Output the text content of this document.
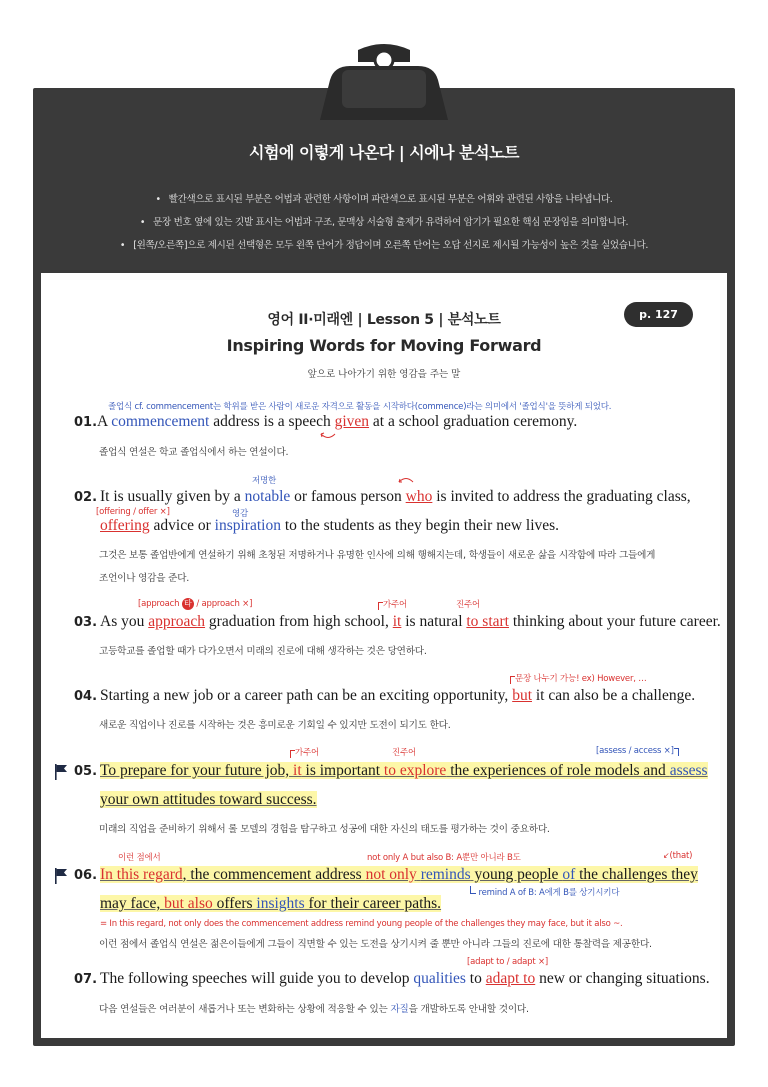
시험에 이렇게 나온다 | 시에나 분석노트
• 빨간색으로 표시된 부분은 어법과 관련한 사항이며 파란색으로 표시된 부분은 어휘와 관련된 사항을 나타냅니다.
• 문장 번호 옆에 있는 깃발 표시는 어법과 구조, 문맥상 서술형 출제가 유력하여 암기가 필요한 핵심 문장임을 의미합니다.
• [왼쪽/오른쪽]으로 제시된 선택형은 모두 왼쪽 단어가 정답이며 오른쪽 단어는 오답 선지로 제시될 가능성이 높은 것을 실었습니다.
p. 127
영어 II·미래엔 | Lesson 5 | 분석노트
Inspiring Words for Moving Forward
앞으로 나아가기 위한 영감을 주는 말
졸업식 cf. commencement는 학위를 받은 사람이 새로운 자격으로 활동을 시작하다(commence)라는 의미에서 '졸업식'을 뜻하게 되었다.
01. A commencement address is a speech given at a school graduation ceremony.
졸업식 연설은 학교 졸업식에서 하는 연설이다.
저명한
02. It is usually given by a notable or famous person who is invited to address the graduating class,
[offering / offer ×]	영감
offering advice or inspiration to the students as they begin their new lives.
그것은 보통 졸업반에게 연설하기 위해 초청된 저명하거나 유명한 인사에 의해 행해지는데, 학생들이 새로운 삶을 시작함에 따라 그들에게
조언이나 영감을 준다.
[approach 타 / approach ×]	가주어	진주어
03. As you approach graduation from high school, it is natural to start thinking about your future career.
고등학교를 졸업할 때가 다가오면서 미래의 진로에 대해 생각하는 것은 당연하다.
문장 나누기 가능! ex) However, …
04. Starting a new job or a career path can be an exciting opportunity, but it can also be a challenge.
새로운 직업이나 진로를 시작하는 것은 흥미로운 기회일 수 있지만 도전이 되기도 한다.
가주어	진주어	[assess / access ×]
05. To prepare for your future job, it is important to explore the experiences of role models and assess
your own attitudes toward success.
미래의 직업을 준비하기 위해서 롤 모델의 경험을 탐구하고 성공에 대한 자신의 태도를 평가하는 것이 중요하다.
이런 점에서	not only A but also B: A뿐만 아니라 B도	↙(that)
06. In this regard, the commencement address not only reminds young people of the challenges they
remind A of B: A에게 B를 상기시키다
may face, but also offers insights for their career paths.
= In this regard, not only does the commencement address remind young people of the challenges they may face, but it also ~.
이런 점에서 졸업식 연설은 젊은이들에게 그들이 직면할 수 있는 도전을 상기시켜 줄 뿐만 아니라 그들의 진로에 대한 통찰력을 제공한다.
[adapt to / adapt ×]
07. The following speeches will guide you to develop qualities to adapt to new or changing situations.
다음 연설들은 여러분이 새롭거나 또는 변화하는 상황에 적응할 수 있는 자질을 개발하도록 안내할 것이다.
